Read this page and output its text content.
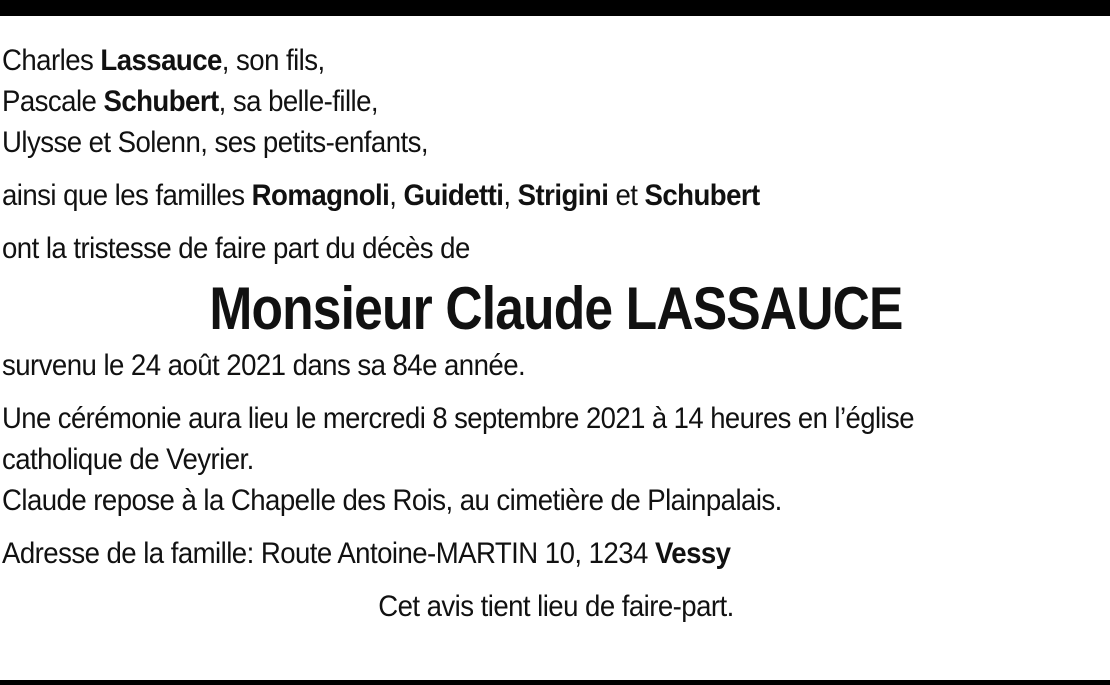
Charles Lassauce, son fils,
Pascale Schubert, sa belle-fille,
Ulysse et Solenn, ses petits-enfants,
ainsi que les familles Romagnoli, Guidetti, Strigini et Schubert
ont la tristesse de faire part du décès de
Monsieur Claude LASSAUCE
survenu le 24 août 2021 dans sa 84e année.
Une cérémonie aura lieu le mercredi 8 septembre 2021 à 14 heures en l’église
catholique de Veyrier.
Claude repose à la Chapelle des Rois, au cimetière de Plainpalais.
Adresse de la famille: Route Antoine-MARTIN 10, 1234 Vessy
Cet avis tient lieu de faire-part.
